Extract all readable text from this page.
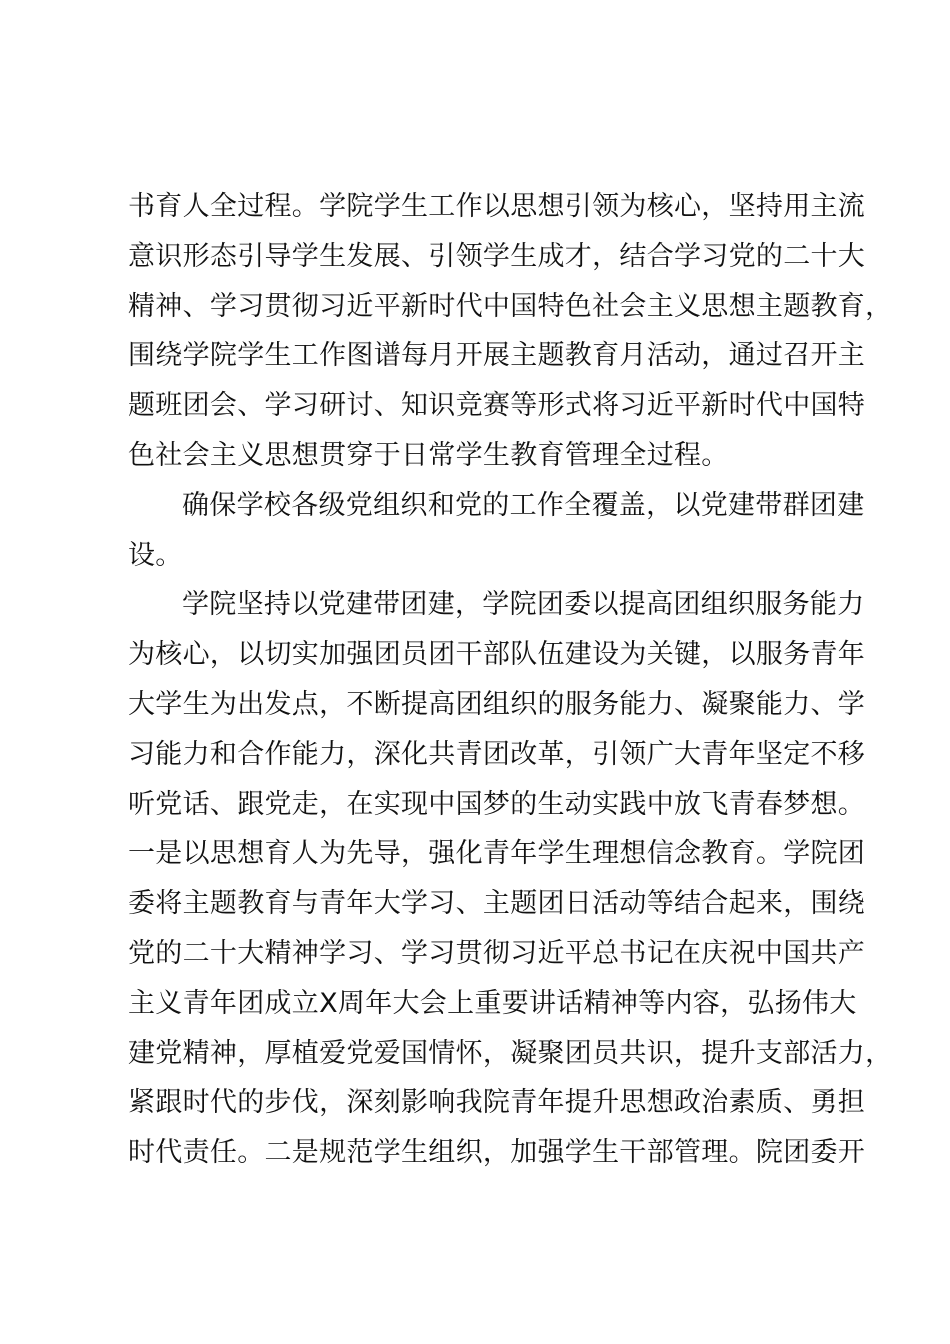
书育人全过程。学院学生工作以思想引领为核心，坚持用主流
意识形态引导学生发展、引领学生成才，结合学习党的二十大
精神、学习贯彻习近平新时代中国特色社会主义思想主题教育，
围绕学院学生工作图谱每月开展主题教育月活动，通过召开主
题班团会、学习研讨、知识竞赛等形式将习近平新时代中国特
色社会主义思想贯穿于日常学生教育管理全过程。
确保学校各级党组织和党的工作全覆盖，以党建带群团建
设。
学院坚持以党建带团建，学院团委以提高团组织服务能力
为核心，以切实加强团员团干部队伍建设为关键，以服务青年
大学生为出发点，不断提高团组织的服务能力、凝聚能力、学
习能力和合作能力，深化共青团改革，引领广大青年坚定不移
听党话、跟党走，在实现中国梦的生动实践中放飞青春梦想。
一是以思想育人为先导，强化青年学生理想信念教育。学院团
委将主题教育与青年大学习、主题团日活动等结合起来，围绕
党的二十大精神学习、学习贯彻习近平总书记在庆祝中国共产
主义青年团成立X周年大会上重要讲话精神等内容，弘扬伟大
建党精神，厚植爱党爱国情怀，凝聚团员共识，提升支部活力，
紧跟时代的步伐，深刻影响我院青年提升思想政治素质、勇担
时代责任。二是规范学生组织，加强学生干部管理。院团委开
